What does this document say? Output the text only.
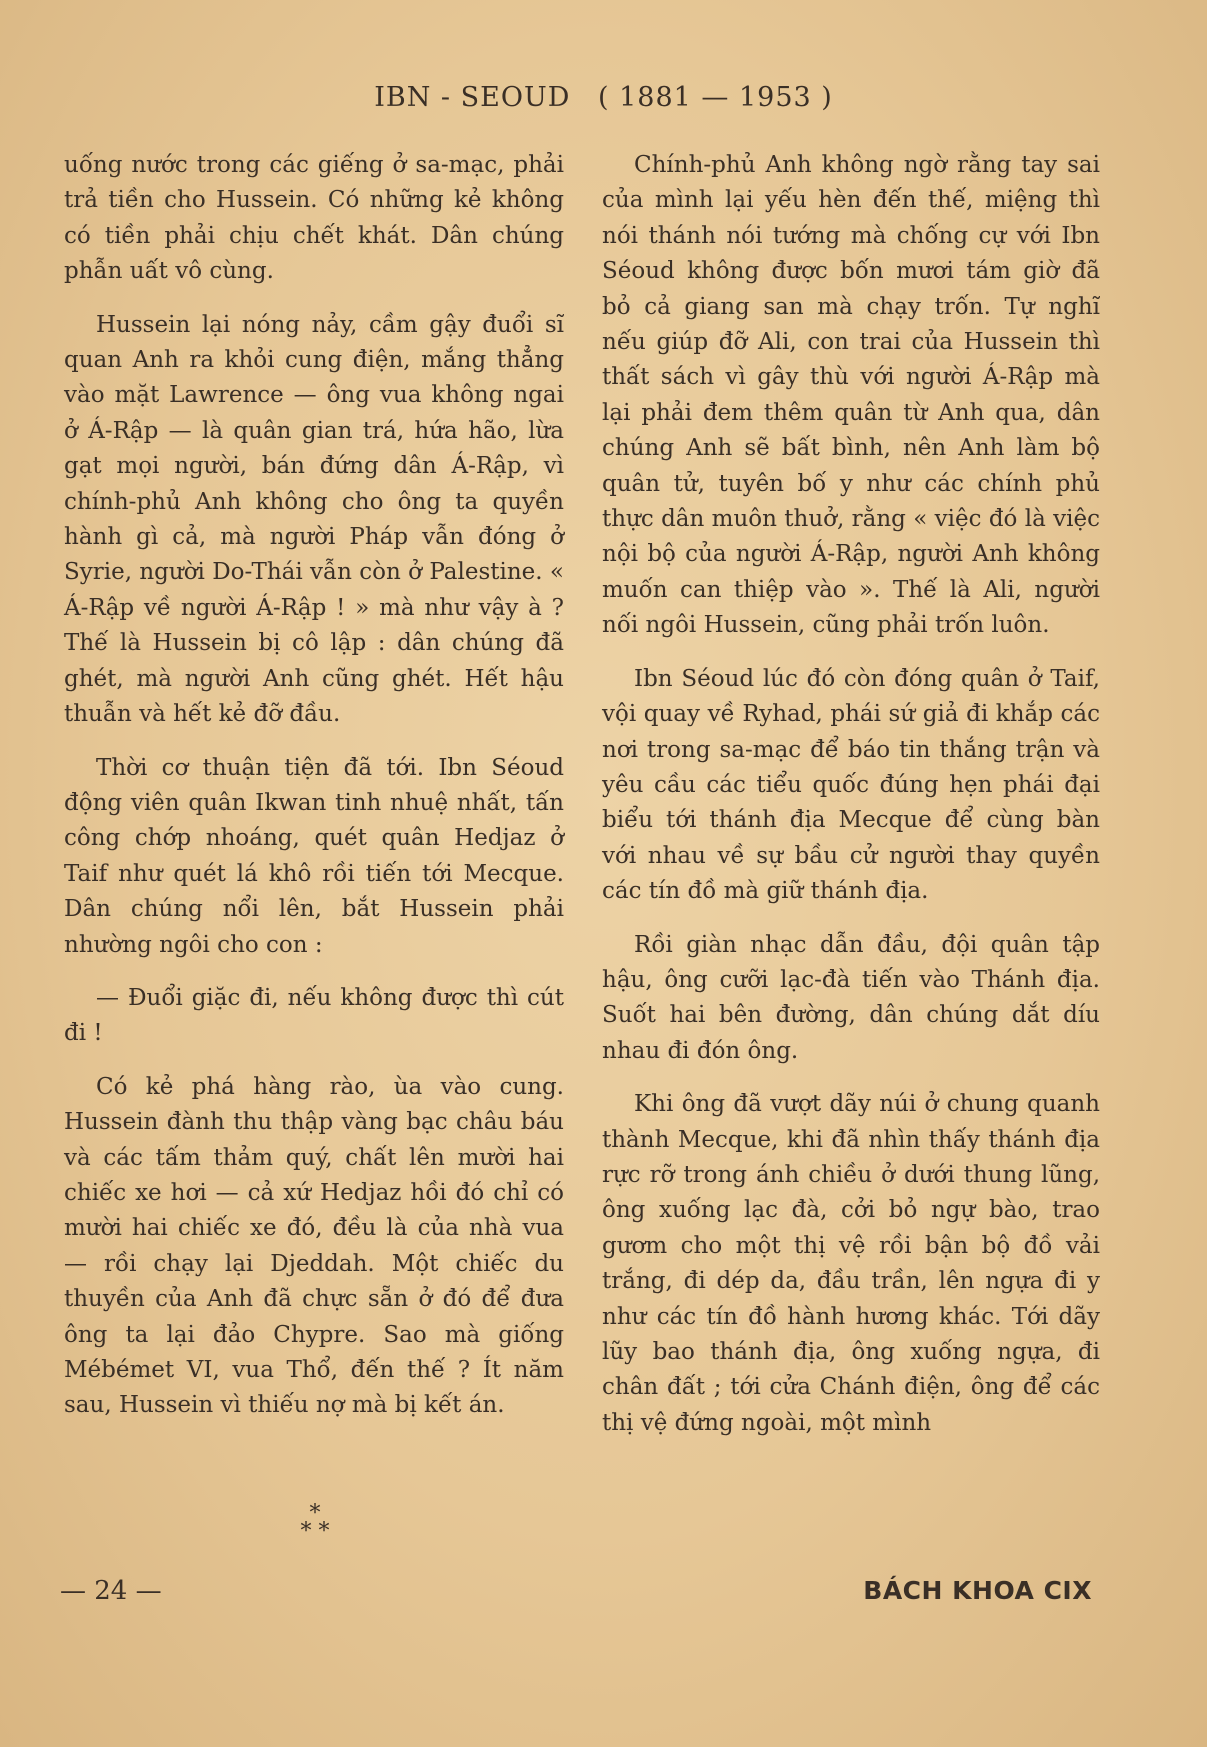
IBN - SEOUD ( 1881 — 1953 )

uống nước trong các giếng ở sa-mạc, phải trả tiền cho Hussein. Có những kẻ không có tiền phải chịu chết khát. Dân chúng phẫn uất vô cùng.

Hussein lại nóng nảy, cầm gậy đuổi sĩ quan Anh ra khỏi cung điện, mắng thẳng vào mặt Lawrence — ông vua không ngai ở Á-Rập — là quân gian trá, hứa hão, lừa gạt mọi người, bán đứng dân Á-Rập, vì chính-phủ Anh không cho ông ta quyền hành gì cả, mà người Pháp vẫn đóng ở Syrie, người Do-Thái vẫn còn ở Palestine. « Á-Rập về người Á-Rập ! » mà như vậy à ? Thế là Hussein bị cô lập : dân chúng đã ghét, mà người Anh cũng ghét. Hết hậu thuẫn và hết kẻ đỡ đầu.

Thời cơ thuận tiện đã tới. Ibn Séoud động viên quân Ikwan tinh nhuệ nhất, tấn công chớp nhoáng, quét quân Hedjaz ở Taif như quét lá khô rồi tiến tới Mecque. Dân chúng nổi lên, bắt Hussein phải nhường ngôi cho con :

— Đuổi giặc đi, nếu không được thì cút đi !

Có kẻ phá hàng rào, ùa vào cung. Hussein đành thu thập vàng bạc châu báu và các tấm thảm quý, chất lên mười hai chiếc xe hơi — cả xứ Hedjaz hồi đó chỉ có mười hai chiếc xe đó, đều là của nhà vua — rồi chạy lại Djeddah. Một chiếc du thuyền của Anh đã chực sẵn ở đó để đưa ông ta lại đảo Chypre. Sao mà giống Mébémet VI, vua Thổ, đến thế ? Ít năm sau, Hussein vì thiếu nợ mà bị kết án.

*
* *

Chính-phủ Anh không ngờ rằng tay sai của mình lại yếu hèn đến thế, miệng thì nói thánh nói tướng mà chống cự với Ibn Séoud không được bốn mươi tám giờ đã bỏ cả giang san mà chạy trốn. Tự nghĩ nếu giúp đỡ Ali, con trai của Hussein thì thất sách vì gây thù với người Á-Rập mà lại phải đem thêm quân từ Anh qua, dân chúng Anh sẽ bất bình, nên Anh làm bộ quân tử, tuyên bố y như các chính phủ thực dân muôn thuở, rằng « việc đó là việc nội bộ của người Á-Rập, người Anh không muốn can thiệp vào ». Thế là Ali, người nối ngôi Hussein, cũng phải trốn luôn.

Ibn Séoud lúc đó còn đóng quân ở Taif, vội quay về Ryhad, phái sứ giả đi khắp các nơi trong sa-mạc để báo tin thắng trận và yêu cầu các tiểu quốc đúng hẹn phái đại biểu tới thánh địa Mecque để cùng bàn với nhau về sự bầu cử người thay quyền các tín đồ mà giữ thánh địa.

Rồi giàn nhạc dẫn đầu, đội quân tập hậu, ông cưỡi lạc-đà tiến vào Thánh địa. Suốt hai bên đường, dân chúng dắt díu nhau đi đón ông.

Khi ông đã vượt dãy núi ở chung quanh thành Mecque, khi đã nhìn thấy thánh địa rực rỡ trong ánh chiều ở dưới thung lũng, ông xuống lạc đà, cởi bỏ ngự bào, trao gươm cho một thị vệ rồi bận bộ đồ vải trắng, đi dép da, đầu trần, lên ngựa đi y như các tín đồ hành hương khác. Tới dãy lũy bao thánh địa, ông xuống ngựa, đi chân đất ; tới cửa Chánh điện, ông để các thị vệ đứng ngoài, một mình

— 24 —	BÁCH KHOA CIX
